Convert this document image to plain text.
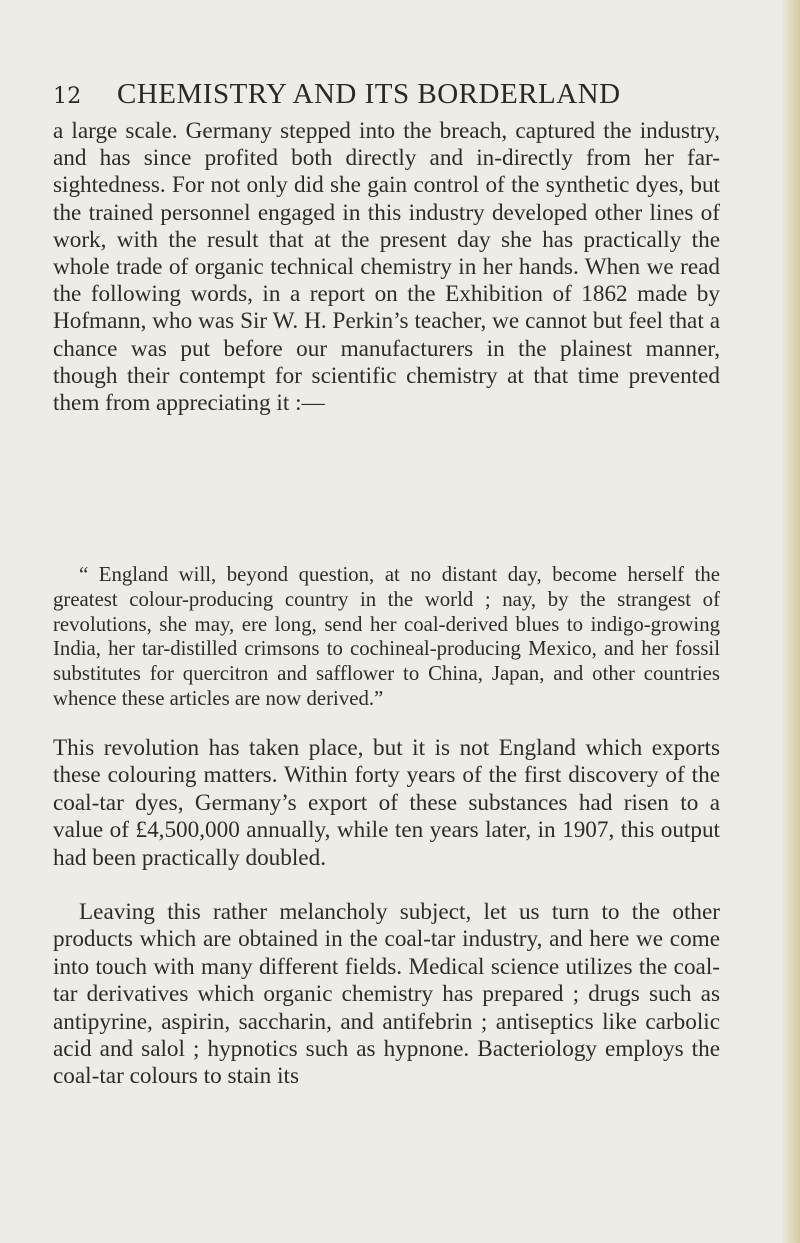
12 CHEMISTRY AND ITS BORDERLAND

a large scale. Germany stepped into the breach, captured the industry, and has since profited both directly and in-directly from her far-sightedness. For not only did she gain control of the synthetic dyes, but the trained personnel engaged in this industry developed other lines of work, with the result that at the present day she has practically the whole trade of organic technical chemistry in her hands. When we read the following words, in a report on the Exhibition of 1862 made by Hofmann, who was Sir W. H. Perkin’s teacher, we cannot but feel that a chance was put before our manufacturers in the plainest manner, though their contempt for scientific chemistry at that time prevented them from appreciating it :—

“ England will, beyond question, at no distant day, become herself the greatest colour-producing country in the world ; nay, by the strangest of revolutions, she may, ere long, send her coal-derived blues to indigo-growing India, her tar-distilled crimsons to cochineal-producing Mexico, and her fossil substitutes for quercitron and safflower to China, Japan, and other countries whence these articles are now derived.”

This revolution has taken place, but it is not England which exports these colouring matters. Within forty years of the first discovery of the coal-tar dyes, Germany’s export of these substances had risen to a value of £4,500,000 annually, while ten years later, in 1907, this output had been practically doubled.

Leaving this rather melancholy subject, let us turn to the other products which are obtained in the coal-tar industry, and here we come into touch with many different fields. Medical science utilizes the coal-tar derivatives which organic chemistry has prepared ; drugs such as antipyrine, aspirin, saccharin, and antifebrin ; antiseptics like carbolic acid and salol ; hypnotics such as hypnone. Bacteriology employs the coal-tar colours to stain its
